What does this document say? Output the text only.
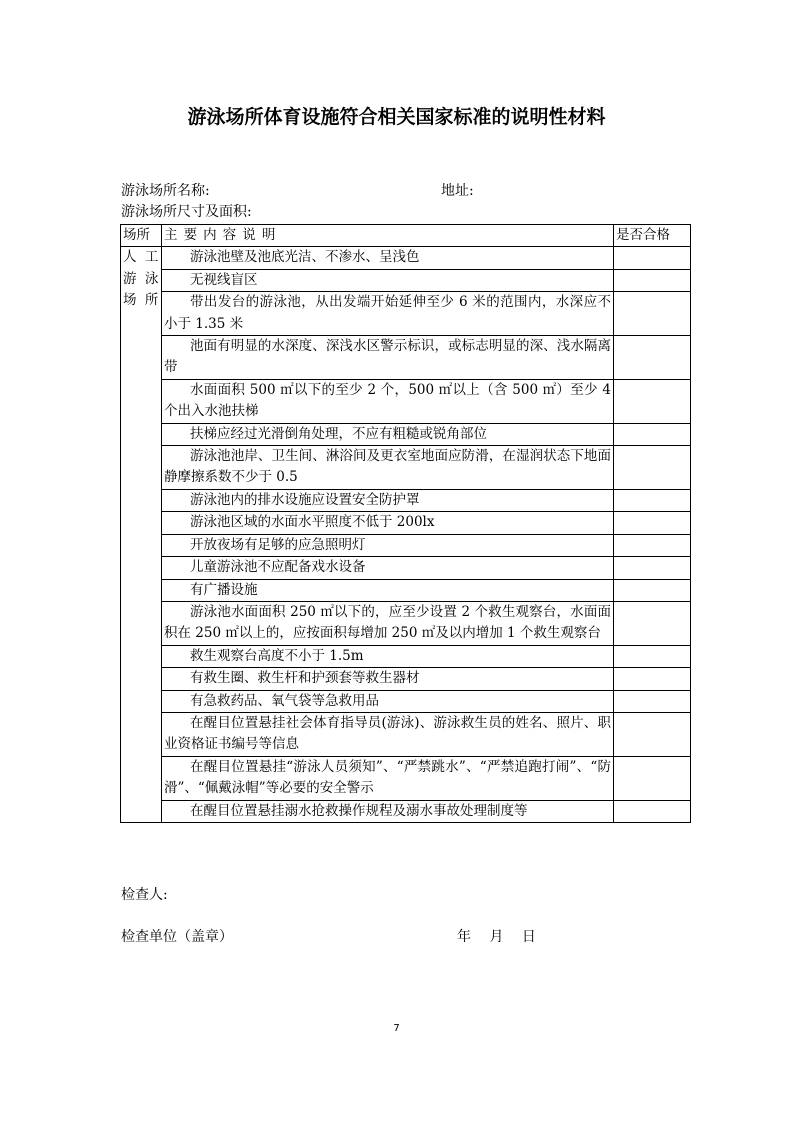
游泳场所体育设施符合相关国家标准的说明性材料
游泳场所名称:	地址:
游泳场所尺寸及面积:
场所	主要内容说明	是否合格

人 工
游 泳
场所	游泳池壁及池底光洁、不渗水、呈浅色	
	无视线盲区	
	带出发台的游泳池，从出发端开始延伸至少 6 米的范围内，水深应不小于 1.35 米	
	池面有明显的水深度、深浅水区警示标识，或标志明显的深、浅水隔离带	
	水面面积 500 ㎡以下的至少 2 个，500 ㎡以上（含 500 ㎡）至少 4 个出入水池扶梯	
	扶梯应经过光滑倒角处理，不应有粗糙或锐角部位	
	游泳池池岸、卫生间、淋浴间及更衣室地面应防滑，在湿润状态下地面静摩擦系数不少于 0.5	
	游泳池内的排水设施应设置安全防护罩	
	游泳池区域的水面水平照度不低于 200lx	
	开放夜场有足够的应急照明灯	
	儿童游泳池不应配备戏水设备	
	有广播设施	
	游泳池水面面积 250 ㎡以下的，应至少设置 2 个救生观察台，水面面积在 250 ㎡以上的，应按面积每增加 250 ㎡及以内增加 1 个救生观察台	
	救生观察台高度不小于 1.5m	
	有救生圈、救生杆和护颈套等救生器材	
	有急救药品、氧气袋等急救用品	
	在醒目位置悬挂社会体育指导员(游泳)、游泳救生员的姓名、照片、职业资格证书编号等信息	
	在醒目位置悬挂“游泳人员须知”、“严禁跳水”、“严禁追跑打闹”、“防滑”、“佩戴泳帽”等必要的安全警示	
	在醒目位置悬挂溺水抢救操作规程及溺水事故处理制度等	
检查人:
检查单位（盖章）	年 月 日
7
